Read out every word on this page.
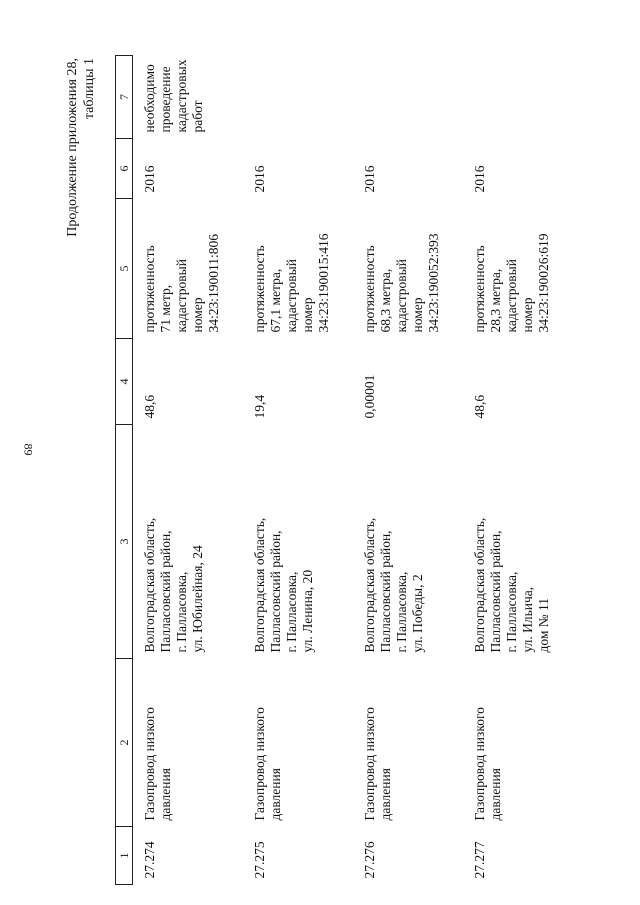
89
Продолжение приложения 28, таблицы 1
1	2	3	4	5	6	7
27.274	Газопровод низкого
давления	Волгоградская область,
Палласовский район,
г. Палласовка,
ул. Юбилейная, 24	48,6	протяженность
71 метр,
кадастровый
номер
34:23:190011:806	2016	необходимо
проведение
кадастровых работ
27.275	Газопровод низкого
давления	Волгоградская область,
Палласовский район,
г. Палласовка,
ул. Ленина, 20	19,4	протяженность
67,1 метра,
кадастровый
номер
34:23:190015:416	2016	
27.276	Газопровод низкого
давления	Волгоградская область,
Палласовский район,
г. Палласовка,
ул. Победы, 2	0,00001	протяженность
68,3 метра,
кадастровый
номер
34:23:190052:393	2016	
27.277	Газопровод низкого
давления	Волгоградская область,
Палласовский район,
г. Палласовка,
ул. Ильича,
дом № 11	48,6	протяженность
28,3 метра,
кадастровый
номер
34:23:190026:619	2016	
